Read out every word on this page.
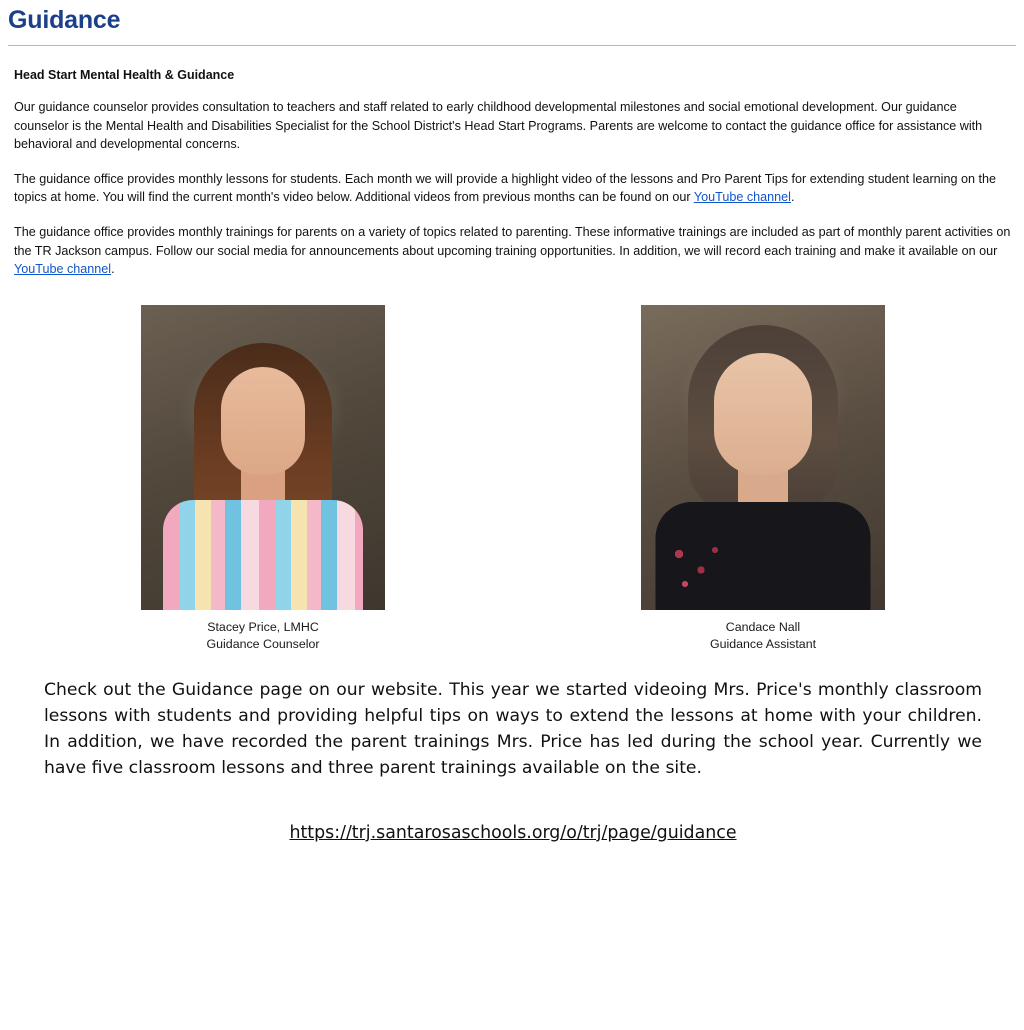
Guidance
Head Start Mental Health & Guidance

Our guidance counselor provides consultation to teachers and staff related to early childhood developmental milestones and social emotional development. Our guidance counselor is the Mental Health and Disabilities Specialist for the School District's Head Start Programs. Parents are welcome to contact the guidance office for assistance with behavioral and developmental concerns.

The guidance office provides monthly lessons for students. Each month we will provide a highlight video of the lessons and Pro Parent Tips for extending student learning on the topics at home. You will find the current month's video below. Additional videos from previous months can be found on our YouTube channel.

The guidance office provides monthly trainings for parents on a variety of topics related to parenting. These informative trainings are included as part of monthly parent activities on the TR Jackson campus. Follow our social media for announcements about upcoming training opportunities. In addition, we will record each training and make it available on our YouTube channel.

Stacey Price, LMHC
Guidance Counselor
Candace Nall
Guidance Assistant

Check out the Guidance page on our website. This year we started videoing Mrs. Price's monthly classroom lessons with students and providing helpful tips on ways to extend the lessons at home with your children. In addition, we have recorded the parent trainings Mrs. Price has led during the school year. Currently we have five classroom lessons and three parent trainings available on the site.

https://trj.santarosaschools.org/o/trj/page/guidance
